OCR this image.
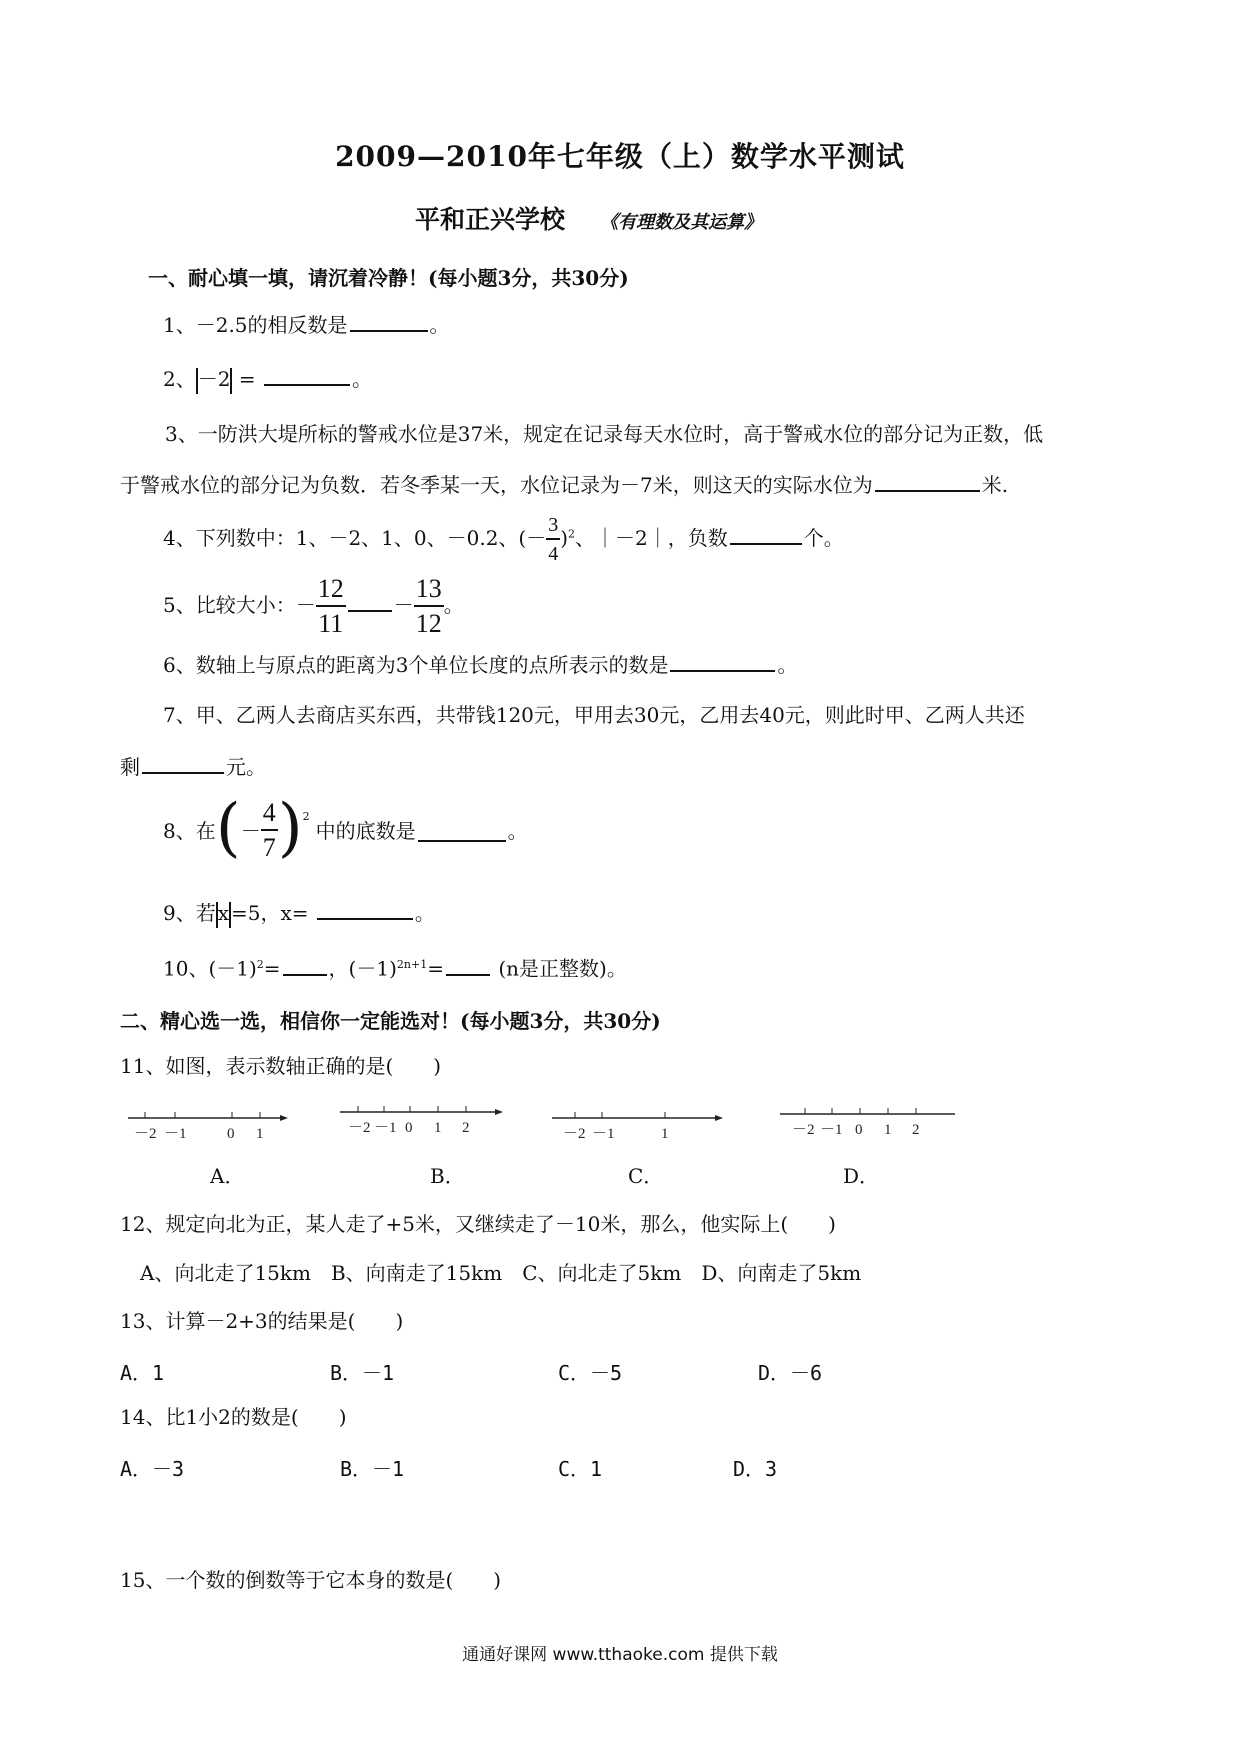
2009—2010年七年级（上）数学水平测试
平和正兴学校 《有理数及其运算》
一、耐心填一填，请沉着冷静！(每小题3分，共30分)
1、－2.5的相反数是	。
2、 －2 =	。
3、一防洪大堤所标的警戒水位是37米，规定在记录每天水位时，高于警戒水位的部分记为正数，低
于警戒水位的部分记为负数．若冬季某一天，水位记录为－7米，则这天的实际水位为	米.
4、下列数中：1、－2、1、0、－0.2、(－ $\frac{3}{4} )^2$、｜－2｜，负数	个。
5、比较大小：－ $\frac{12}{11} - \frac{13}{12}$ 。
6、数轴上与原点的距离为3个单位长度的点所表示的数是	。
7、甲、乙两人去商店买东西，共带钱120元，甲用去30元，乙用去40元，则此时甲、乙两人共还
剩	元。
8、在 ( － $\frac{4}{7} )^2$
中的底数是	。
9、若 x =5，x=	。
10、$(-1)^2=$ ，$(-1)^{2n+1}=$	(n是正整数)。
二、精心选一选，相信你一定能选对！(每小题3分，共30分)
11、如图，表示数轴正确的是(　　)
－2 －1	0 1	－2 －1 0 1 2	－2 －1	1	－2 －1 0 1 2
A．	B．	C．	D．
12、规定向北为正，某人走了+5米，又继续走了－10米，那么，他实际上(　　)
A、向北走了15km　B、向南走了15km　C、向北走了5km　D、向南走了5km
13、计算－2+3的结果是(　　)
A．1	B．－1	C．－5	D．－6
14、比1小2的数是(　　)
A．－3	B．－1	C．1	D．3
15、一个数的倒数等于它本身的数是(　　)
通通好课网 www.tthaoke.com 提供下载
